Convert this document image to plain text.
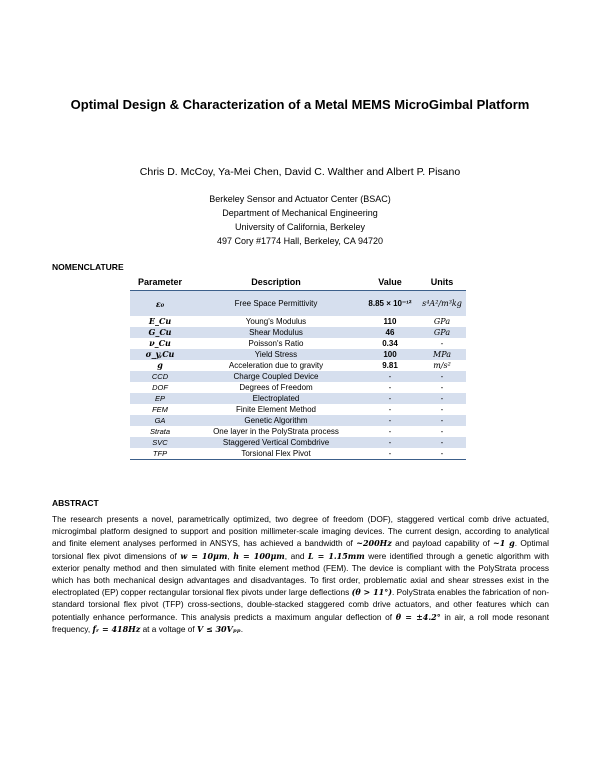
Optimal Design & Characterization of a Metal MEMS MicroGimbal Platform
Chris D. McCoy, Ya-Mei Chen, David C. Walther and Albert P. Pisano
Berkeley Sensor and Actuator Center (BSAC)
Department of Mechanical Engineering
University of California, Berkeley
497 Cory #1774 Hall, Berkeley, CA 94720
NOMENCLATURE
Parameter	Description	Value	Units
ε₀	Free Space Permittivity	8.85 × 10⁻¹²	s⁴A²/m³kg
E_Cu	Young's Modulus	110	GPa
G_Cu	Shear Modulus	46	GPa
ν_Cu	Poisson's Ratio	0.34	-
σ_y,Cu	Yield Stress	100	MPa
g	Acceleration due to gravity	9.81	m/s²
CCD	Charge Coupled Device	-	-
DOF	Degrees of Freedom	-	-
EP	Electroplated	-	-
FEM	Finite Element Method	-	-
GA	Genetic Algorithm	-	-
Strata	One layer in the PolyStrata process	-	-
SVC	Staggered Vertical Combdrive	-	-
TFP	Torsional Flex Pivot	-	-
ABSTRACT
The research presents a novel, parametrically optimized, two degree of freedom (DOF), staggered vertical comb drive actuated, microgimbal platform designed to support and position millimeter-scale imaging devices. The current design, according to analytical and finite element analyses performed in ANSYS, has achieved a bandwidth of ~200Hz and payload capability of ~1 g. Optimal torsional flex pivot dimensions of w = 10μm, h = 100μm, and L = 1.15mm were identified through a genetic algorithm with exterior penalty method and then simulated with finite element method (FEM). The device is compliant with the PolyStrata process which has both mechanical design advantages and disadvantages. To first order, problematic axial and shear stresses exist in the electroplated (EP) copper rectangular torsional flex pivots under large deflections (θ > 11°). PolyStrata enables the fabrication of non-standard torsional flex pivot (TFP) cross-sections, double-stacked staggered comb drive actuators, and other features which can potentially enhance performance. This analysis predicts a maximum angular deflection of θ = ±4.2° in air, a roll mode resonant frequency, fᵣ = 418Hz at a voltage of V ≤ 30Vₚₚ.
